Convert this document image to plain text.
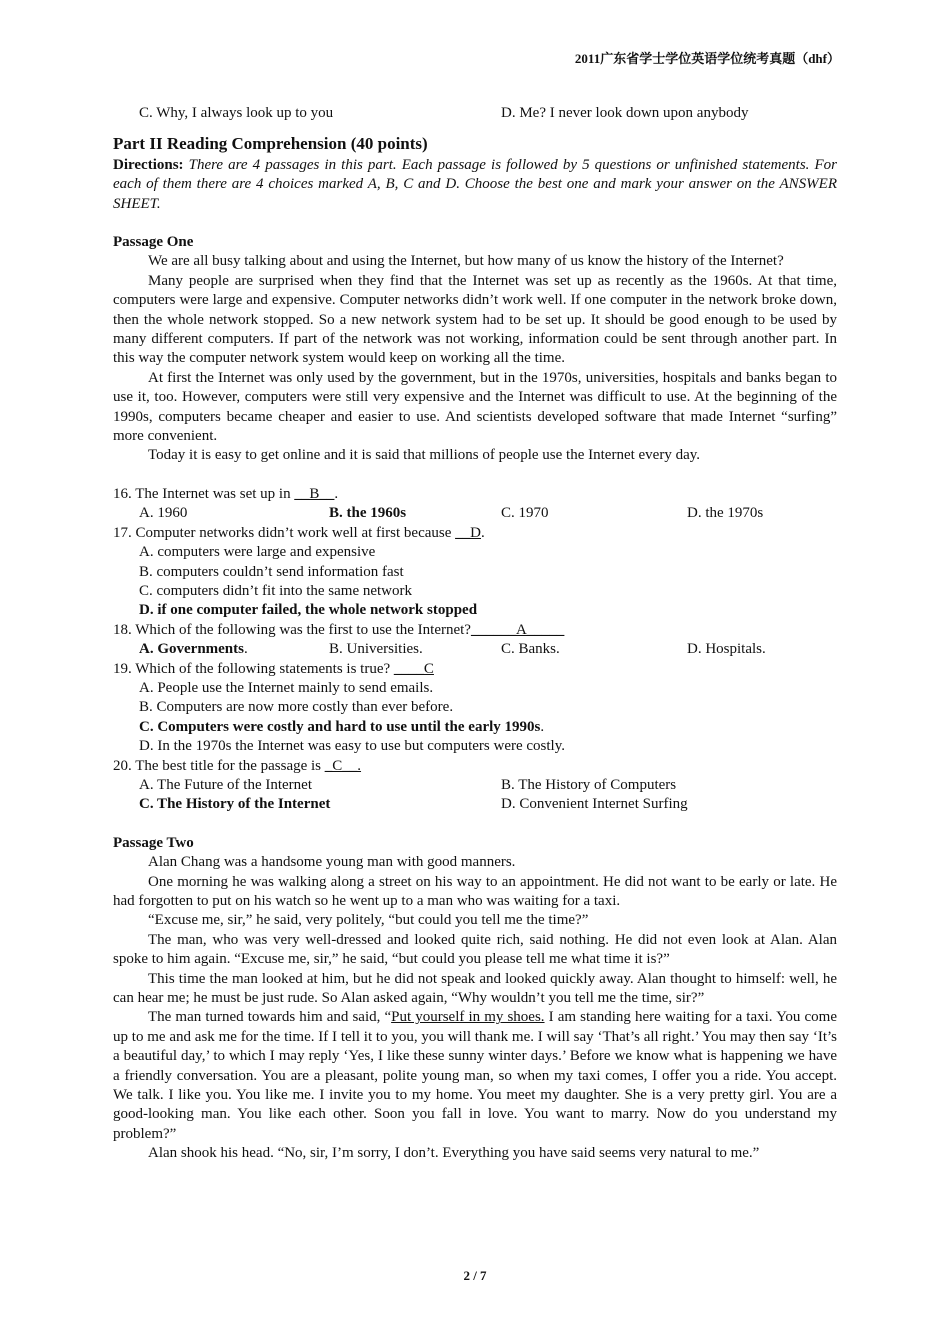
2011广东省学士学位英语学位统考真题（dhf）
C. Why, I always look up to you	D. Me? I never look down upon anybody
Part II Reading Comprehension (40 points)
Directions: There are 4 passages in this part. Each passage is followed by 5 questions or unfinished statements. For each of them there are 4 choices marked A, B, C and D. Choose the best one and mark your answer on the ANSWER SHEET.
Passage One
We are all busy talking about and using the Internet, but how many of us know the history of the Internet?
Many people are surprised when they find that the Internet was set up as recently as the 1960s. At that time, computers were large and expensive. Computer networks didn’t work well. If one computer in the network broke down, then the whole network stopped. So a new network system had to be set up. It should be good enough to be used by many different computers. If part of the network was not working, information could be sent through another part. In this way the computer network system would keep on working all the time.
At first the Internet was only used by the government, but in the 1970s, universities, hospitals and banks began to use it, too. However, computers were still very expensive and the Internet was difficult to use. At the beginning of the 1990s, computers became cheaper and easier to use. And scientists developed software that made Internet “surfing” more convenient.
Today it is easy to get online and it is said that millions of people use the Internet every day.
16. The Internet was set up in __B__.
A. 1960	B. the 1960s	C. 1970	D. the 1970s
17. Computer networks didn’t work well at first because __D.
A. computers were large and expensive
B. computers couldn’t send information fast
C. computers didn’t fit into the same network
D. if one computer failed, the whole network stopped
18. Which of the following was the first to use the Internet?______A_____
A. Governments.	B. Universities.	C. Banks.	D. Hospitals.
19. Which of the following statements is true? ____C
A. People use the Internet mainly to send emails.
B. Computers are now more costly than ever before.
C. Computers were costly and hard to use until the early 1990s.
D. In the 1970s the Internet was easy to use but computers were costly.
20. The best title for the passage is _C__.
A. The Future of the Internet	B. The History of Computers
C. The History of the Internet	D. Convenient Internet Surfing
Passage Two
Alan Chang was a handsome young man with good manners.
One morning he was walking along a street on his way to an appointment. He did not want to be early or late. He had forgotten to put on his watch so he went up to a man who was waiting for a taxi.
“Excuse me, sir,” he said, very politely, “but could you tell me the time?”
The man, who was very well-dressed and looked quite rich, said nothing. He did not even look at Alan. Alan spoke to him again. “Excuse me, sir,” he said, “but could you please tell me what time it is?”
This time the man looked at him, but he did not speak and looked quickly away. Alan thought to himself: well, he can hear me; he must be just rude. So Alan asked again, “Why wouldn’t you tell me the time, sir?”
The man turned towards him and said, “Put yourself in my shoes. I am standing here waiting for a taxi. You come up to me and ask me for the time. If I tell it to you, you will thank me. I will say ‘That’s all right.’ You may then say ‘It’s a beautiful day,’ to which I may reply ‘Yes, I like these sunny winter days.’ Before we know what is happening we have a friendly conversation. You are a pleasant, polite young man, so when my taxi comes, I offer you a ride. You accept. We talk. I like you. You like me. I invite you to my home. You meet my daughter. She is a very pretty girl. You are a good-looking man. You like each other. Soon you fall in love. You want to marry. Now do you understand my problem?”
Alan shook his head. “No, sir, I’m sorry, I don’t. Everything you have said seems very natural to me.”
2 / 7
